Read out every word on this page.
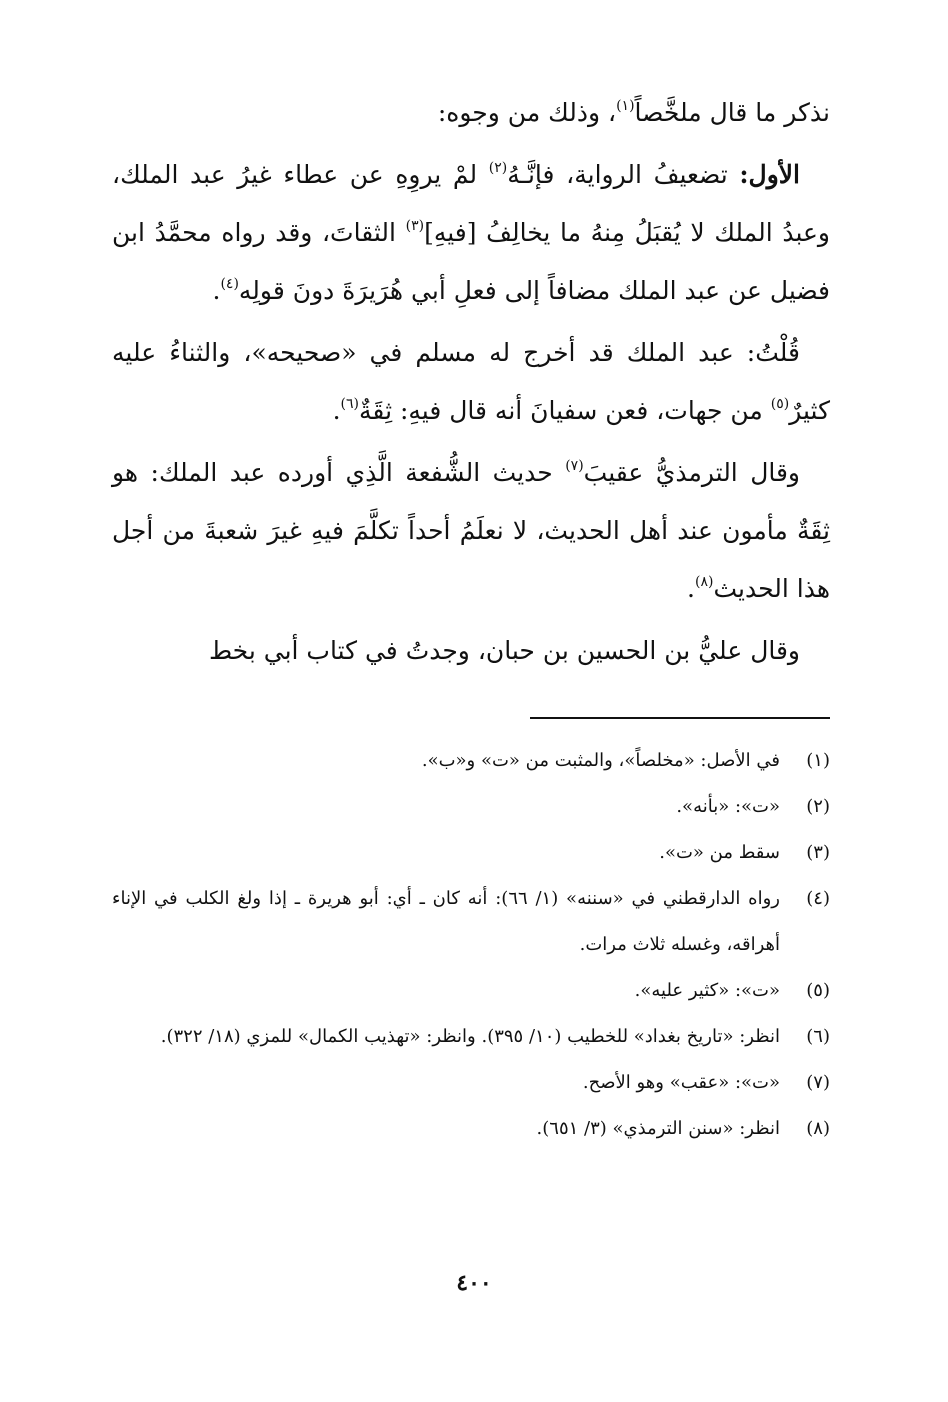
نذكر ما قال ملخَّصاً$^{(١)}$، وذلك من وجوه:

الأول: تضعيفُ الرواية، فإنَّـهُ$^{(٢)}$ لمْ يروِهِ عن عطاء غيرُ عبد الملك، وعبدُ الملك لا يُقبَلُ مِنهُ ما يخالِفُ [فيهِ]$^{(٣)}$ الثقاتَ، وقد رواه محمَّدُ ابن فضيل عن عبد الملك مضافاً إلى فعلِ أبي هُرَيرَةَ دونَ قولِه$^{(٤)}$.

قُلْتُ: عبد الملك قد أخرج له مسلم في «صحيحه»، والثناءُ عليه كثيرٌ$^{(٥)}$ من جهات، فعن سفيانَ أنه قال فيهِ: ثِقَةٌ$^{(٦)}$.

وقال الترمذيُّ عقيبَ$^{(٧)}$ حديث الشُّفعة الَّذِي أورده عبد الملك: هو ثِقَةٌ مأمون عند أهل الحديث، لا نعلَمُ أحداً تكلَّمَ فيهِ غيرَ شعبةَ من أجل هذا الحديث$^{(٨)}$.

وقال عليُّ بن الحسين بن حبان، وجدتُ في كتاب أبي بخط

(١)
في الأصل: «مخلصاً»، والمثبت من «ت» و«ب».
(٢)
«ت»: «بأنه».
(٣)
سقط من «ت».
(٤)
رواه الدارقطني في «سننه» (١/ ٦٦): أنه كان ـ أي: أبو هريرة ـ إذا ولغ الكلب في الإناء أهراقه، وغسله ثلاث مرات.
(٥)
«ت»: «كثير عليه».
(٦)
انظر: «تاريخ بغداد» للخطيب (١٠/ ٣٩٥). وانظر: «تهذيب الكمال» للمزي (١٨/ ٣٢٢).
(٧)
«ت»: «عقب» وهو الأصح.
(٨)
انظر: «سنن الترمذي» (٣/ ٦٥١).
٤٠٠
